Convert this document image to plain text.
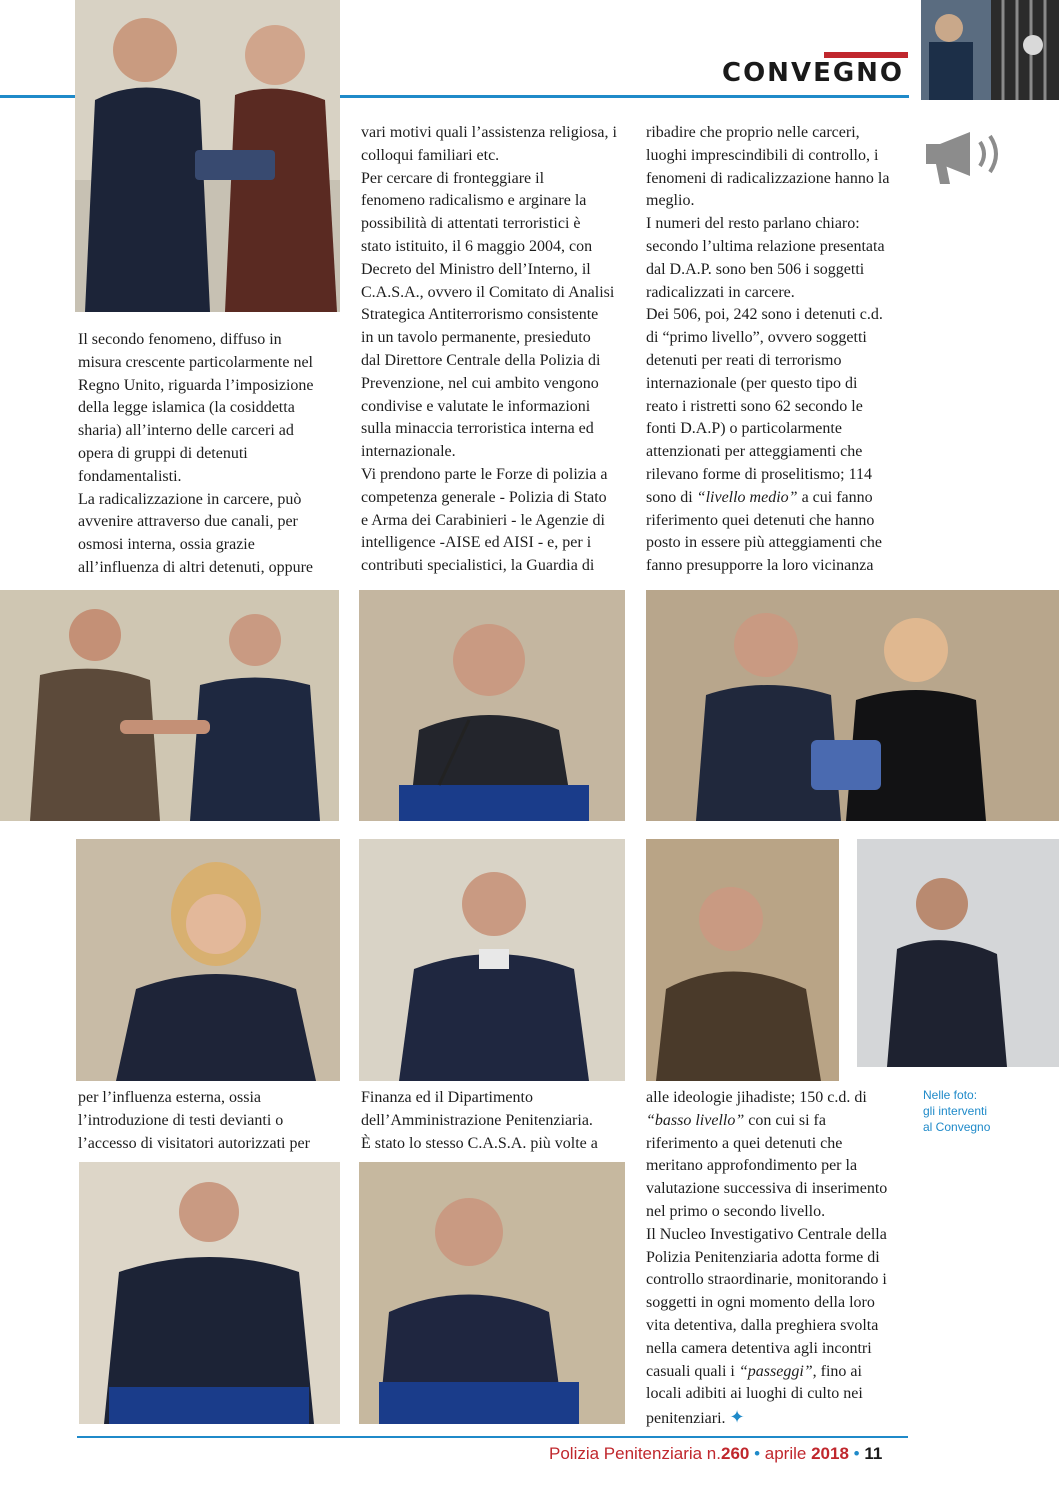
CONVEGNO

Il secondo fenomeno, diffuso in
misura crescente particolarmente nel
Regno Unito, riguarda l’imposizione
della legge islamica (la cosiddetta
sharia) all’interno delle carceri ad
opera di gruppi di detenuti
fondamentalisti.
La radicalizzazione in carcere, può
avvenire attraverso due canali, per
osmosi interna, ossia grazie
all’influenza di altri detenuti, oppure

vari motivi quali l’assistenza religiosa, i
colloqui familiari etc.
Per cercare di fronteggiare il
fenomeno radicalismo e arginare la
possibilità di attentati terroristici è
stato istituito, il 6 maggio 2004, con
Decreto del Ministro dell’Interno, il
C.A.S.A., ovvero il Comitato di Analisi
Strategica Antiterrorismo consistente
in un tavolo permanente, presieduto
dal Direttore Centrale della Polizia di
Prevenzione, nel cui ambito vengono
condivise e valutate le informazioni
sulla minaccia terroristica interna ed
internazionale.
Vi prendono parte le Forze di polizia a
competenza generale - Polizia di Stato
e Arma dei Carabinieri - le Agenzie di
intelligence -AISE ed AISI - e, per i
contributi specialistici, la Guardia di

ribadire che proprio nelle carceri,
luoghi imprescindibili di controllo, i
fenomeni di radicalizzazione hanno la
meglio.
I numeri del resto parlano chiaro:
secondo l’ultima relazione presentata
dal D.A.P. sono ben 506 i soggetti
radicalizzati in carcere.
Dei 506, poi, 242 sono i detenuti c.d.
di “primo livello”, ovvero soggetti
detenuti per reati di terrorismo
internazionale (per questo tipo di
reato i ristretti sono 62 secondo le
fonti D.A.P) o particolarmente
attenzionati per atteggiamenti che
rilevano forme di proselitismo; 114
sono di “livello medio” a cui fanno
riferimento quei detenuti che hanno
posto in essere più atteggiamenti che
fanno presupporre la loro vicinanza

Nelle foto:
gli interventi
al Convegno

per l’influenza esterna, ossia
l’introduzione di testi devianti o
l’accesso di visitatori autorizzati per

Finanza ed il Dipartimento
dell’Amministrazione Penitenziaria.
È stato lo stesso C.A.S.A. più volte a

alle ideologie jihadiste; 150 c.d. di
“basso livello” con cui si fa
riferimento a quei detenuti che
meritano approfondimento per la
valutazione successiva di inserimento
nel primo o secondo livello.
Il Nucleo Investigativo Centrale della
Polizia Penitenziaria adotta forme di
controllo straordinarie, monitorando i
soggetti in ogni momento della loro
vita detentiva, dalla preghiera svolta
nella camera detentiva agli incontri
casuali quali i “passeggi”, fino ai
locali adibiti ai luoghi di culto nei
penitenziari. ✦

Polizia Penitenziaria n.260 • aprile 2018 • 11
